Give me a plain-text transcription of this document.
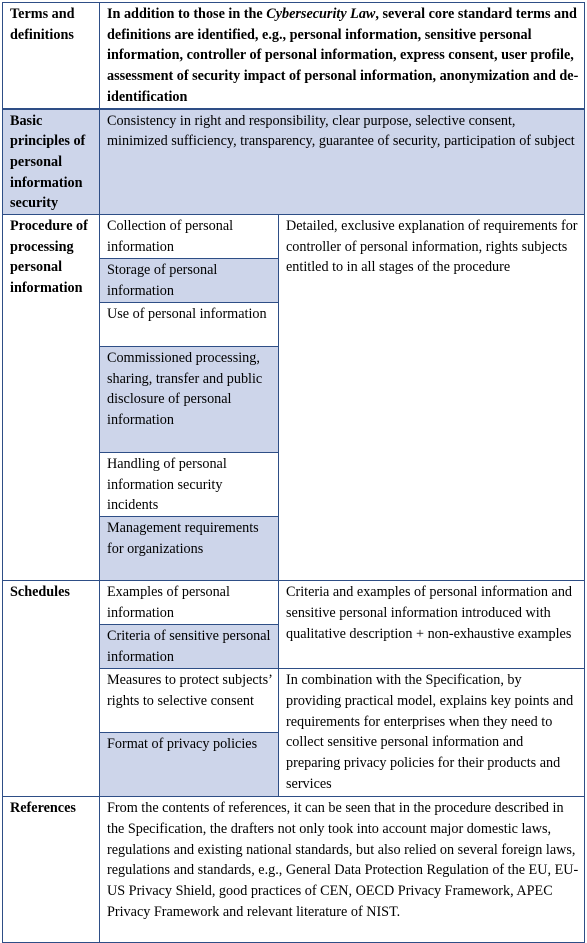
Terms and definitions	In addition to those in the Cybersecurity Law, several core standard terms and definitions are identified, e.g., personal information, sensitive personal information, controller of personal information, express consent, user profile, assessment of security impact of personal information, anonymization and de-identification	
Basic principles of personal information security	Consistency in right and responsibility, clear purpose, selective consent, minimized sufficiency, transparency, guarantee of security, participation of subject	
Procedure of processing personal information	Collection of personal information	Detailed, exclusive explanation of requirements for controller of personal information, rights subjects entitled to in all stages of the procedure
	Storage of personal information	
	Use of personal information	
	Commissioned processing, sharing, transfer and public disclosure of personal information	
	Handling of personal information security incidents	
	Management requirements for organizations	
Schedules	Examples of personal information	Criteria and examples of personal information and sensitive personal information introduced with qualitative description + non-exhaustive examples
	Criteria of sensitive personal information	
	Measures to protect subjects’ rights to selective consent	In combination with the Specification, by providing practical model, explains key points and requirements for enterprises when they need to collect sensitive personal information and preparing privacy policies for their products and services
	Format of privacy policies	
References	From the contents of references, it can be seen that in the procedure described in the Specification, the drafters not only took into account major domestic laws, regulations and existing national standards, but also relied on several foreign laws, regulations and standards, e.g., General Data Protection Regulation of the EU, EU-US Privacy Shield, good practices of CEN, OECD Privacy Framework, APEC Privacy Framework and relevant literature of NIST.	
